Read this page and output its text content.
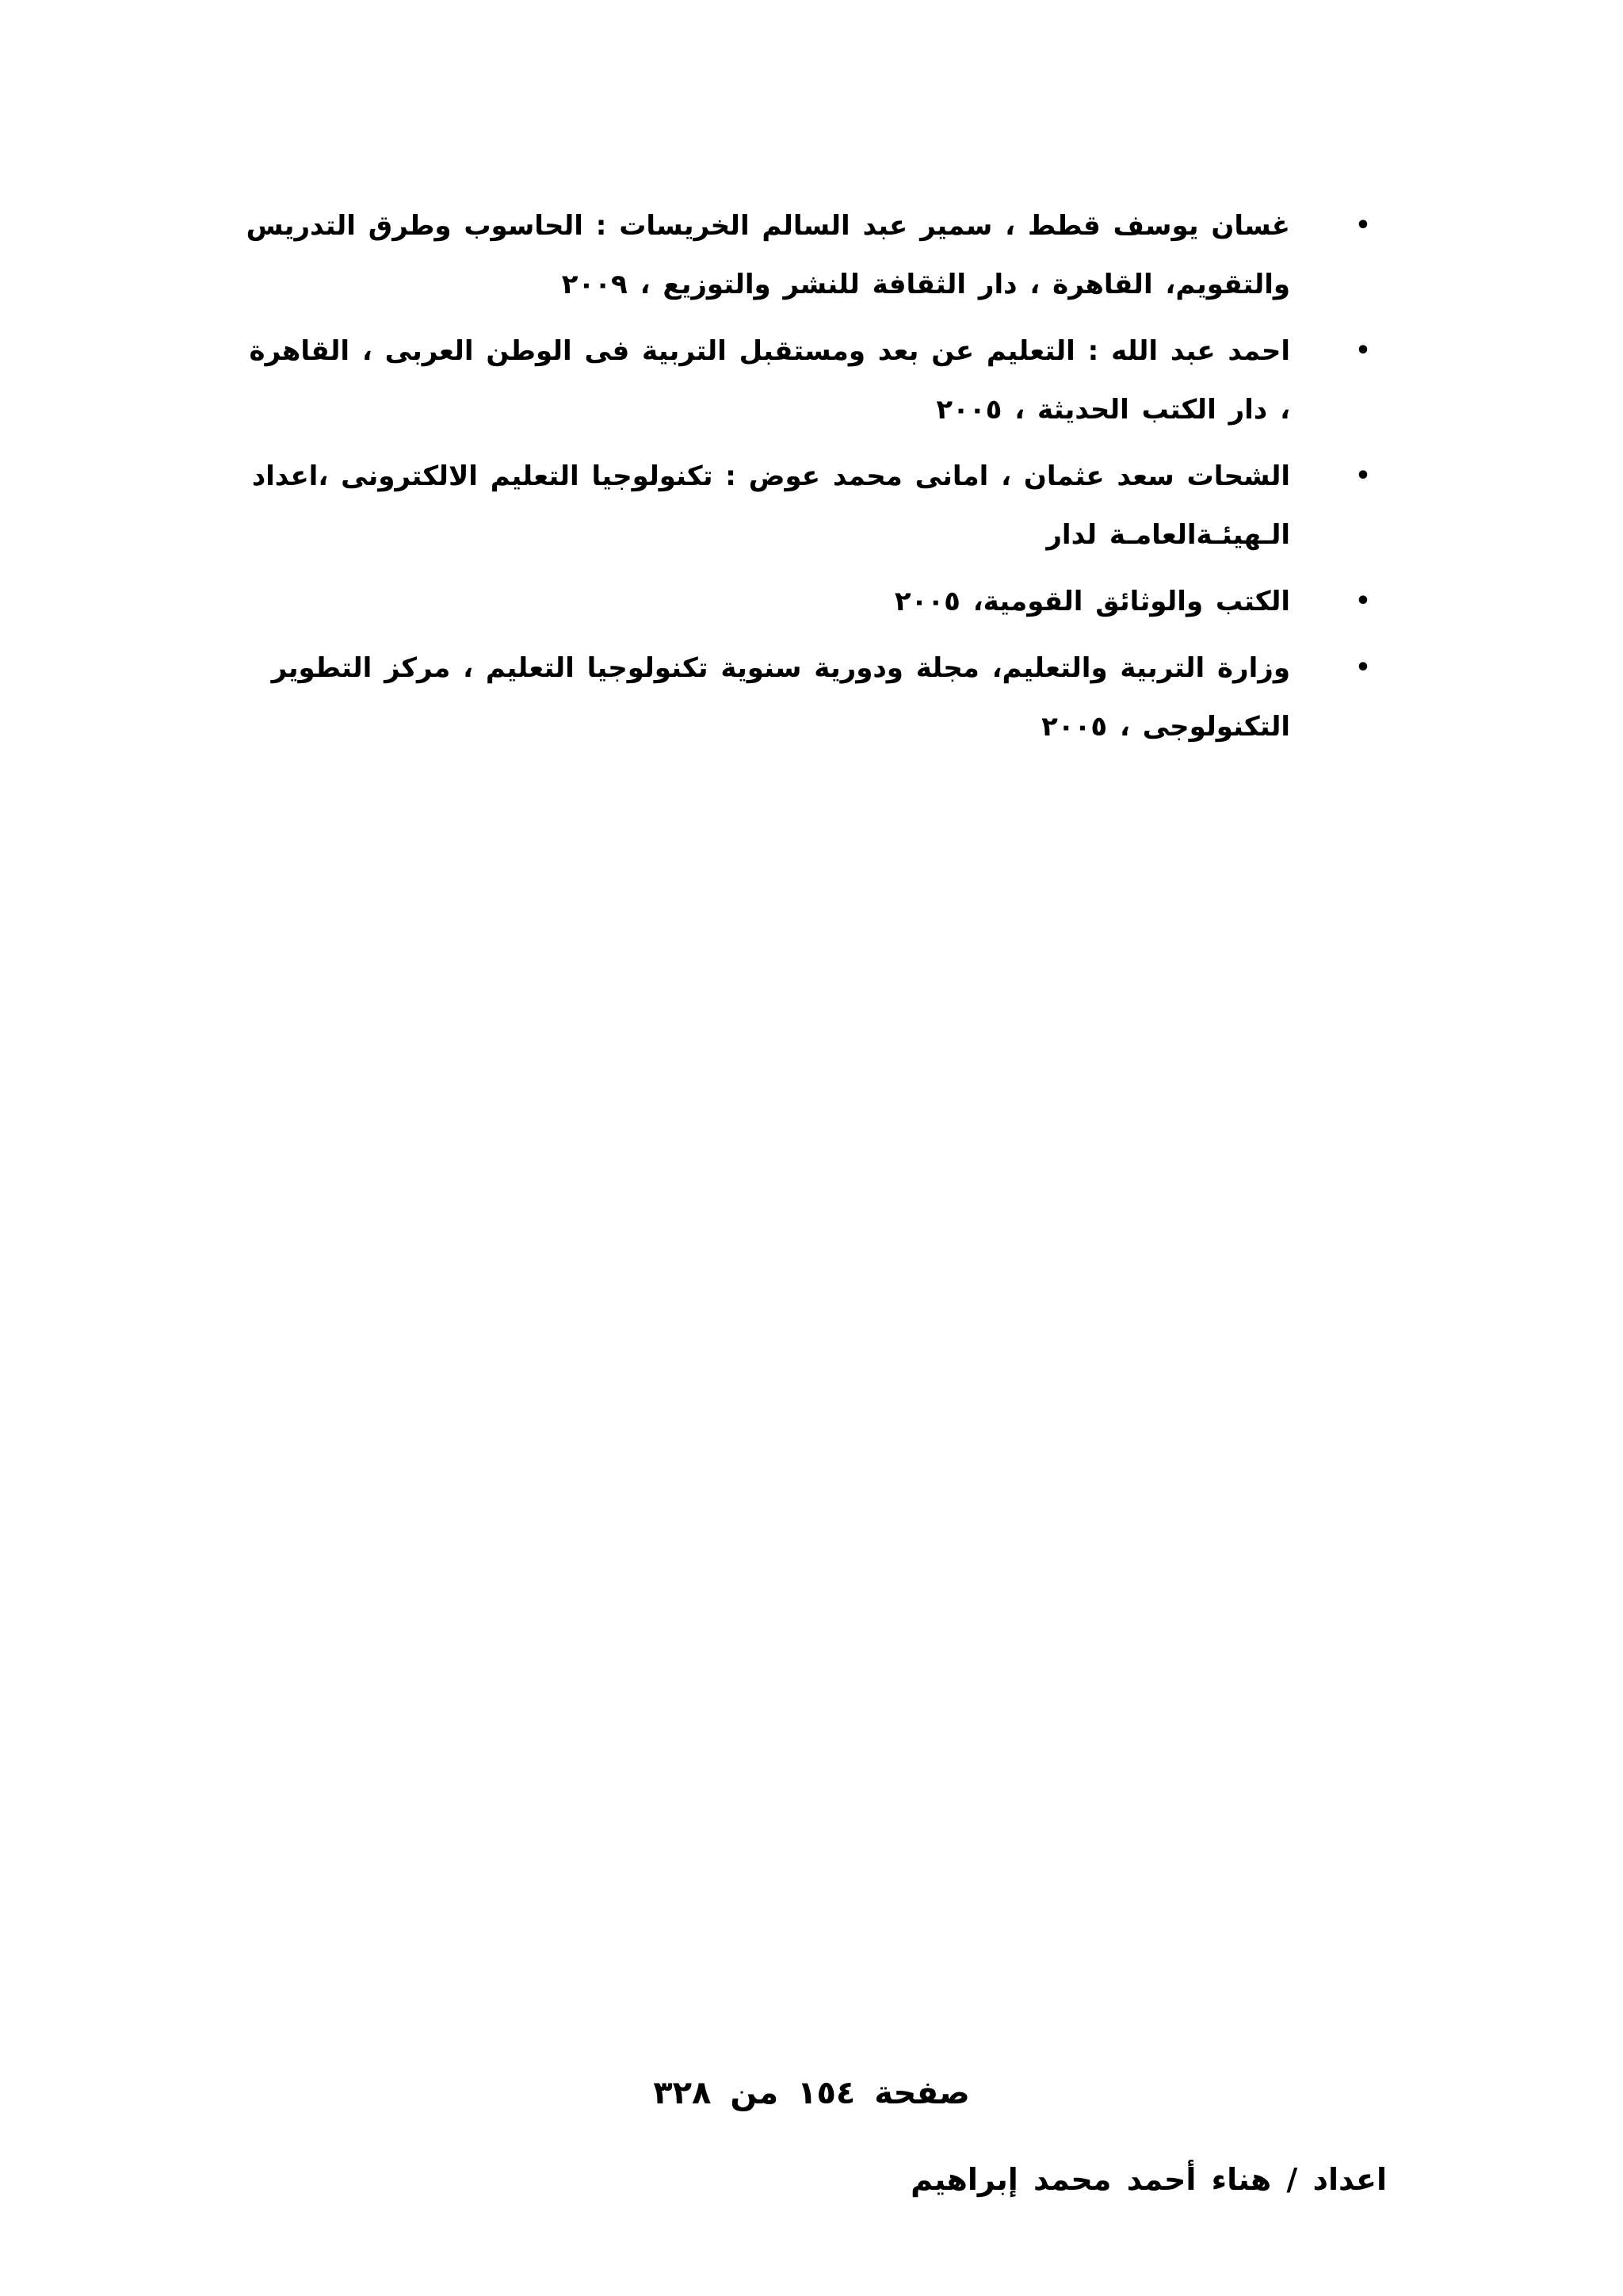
•
غسان يوسف قطط ، سمير عبد السالم الخريسات : الحاسوب وطرق التدريس والتقويم، القاهرة ، دار الثقافة للنشر والتوزيع ، ٢٠٠٩
•
احمد عبد الله : التعليم عن بعد ومستقبل التربية فى الوطن العربى ، القاهرة ، دار الكتب الحديثة ، ٢٠٠٥
•
الشحات سعد عثمان ، امانى محمد عوض : تكنولوجيا التعليم الالكترونى ،اعداد الـهيئـةالعامـة لدار
•
الكتب والوثائق القومية، ٢٠٠٥
•
وزارة التربية والتعليم، مجلة ودورية سنوية تكنولوجيا التعليم ، مركز التطوير التكنولوجى ، ٢٠٠٥
صفحة ١٥٤ من ٣٢٨
اعداد / هناء أحمد محمد إبراهيم
